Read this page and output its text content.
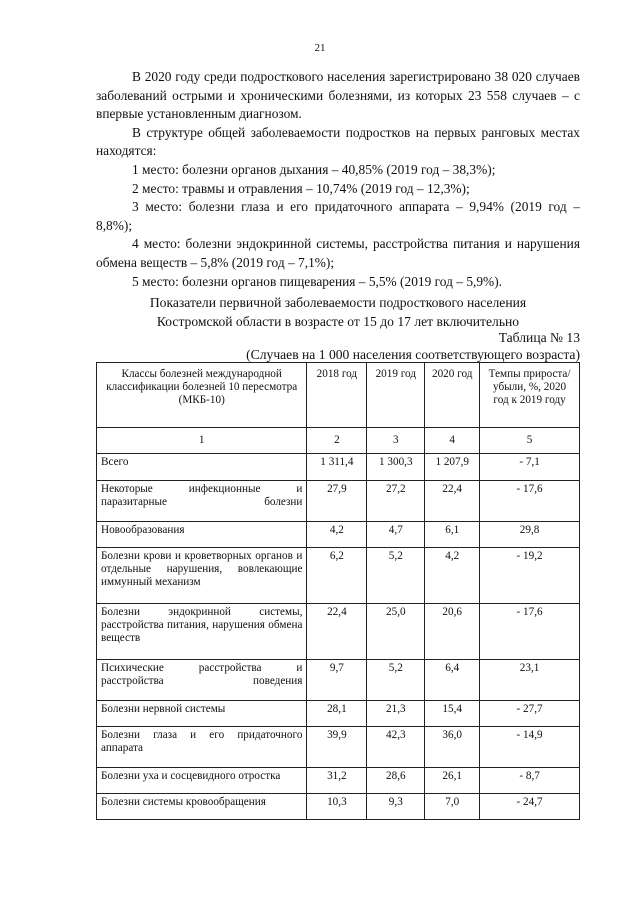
21

В 2020 году среди подросткового населения зарегистрировано 38 020 случаев заболеваний острыми и хроническими болезнями, из которых 23 558 случаев – с впервые установленным диагнозом.

В структуре общей заболеваемости подростков на первых ранговых местах находятся:

1 место: болезни органов дыхания – 40,85% (2019 год – 38,3%);

2 место: травмы и отравления – 10,74% (2019 год – 12,3%);

3 место: болезни глаза и его придаточного аппарата – 9,94% (2019 год – 8,8%);

4 место: болезни эндокринной системы, расстройства питания и нарушения обмена веществ – 5,8% (2019 год – 7,1%);

5 место: болезни органов пищеварения – 5,5% (2019 год – 5,9%).

Показатели первичной заболеваемости подросткового населения
Костромской области в возрасте от 15 до 17 лет включительно
Таблица № 13
(Случаев на 1 000 населения соответствующего возраста)
Классы болезней международной классификации болезней 10 пересмотра (МКБ-10)	2018 год	2019 год	2020 год	Темпы прироста/убыли, %, 2020 год к 2019 году
1	2	3	4	5
Всего	1 311,4	1 300,3	1 207,9	- 7,1
Некоторые инфекционные и паразитарные болезни	27,9	27,2	22,4	- 17,6
Новообразования	4,2	4,7	6,1	29,8
Болезни крови и кроветворных органов и отдельные нарушения, вовлекающие иммунный механизм	6,2	5,2	4,2	- 19,2
Болезни эндокринной системы, расстройства питания, нарушения обмена веществ	22,4	25,0	20,6	- 17,6
Психические расстройства и расстройства поведения	9,7	5,2	6,4	23,1
Болезни нервной системы	28,1	21,3	15,4	- 27,7
Болезни глаза и его придаточного аппарата	39,9	42,3	36,0	- 14,9
Болезни уха и сосцевидного отростка	31,2	28,6	26,1	- 8,7
Болезни системы кровообращения	10,3	9,3	7,0	- 24,7
